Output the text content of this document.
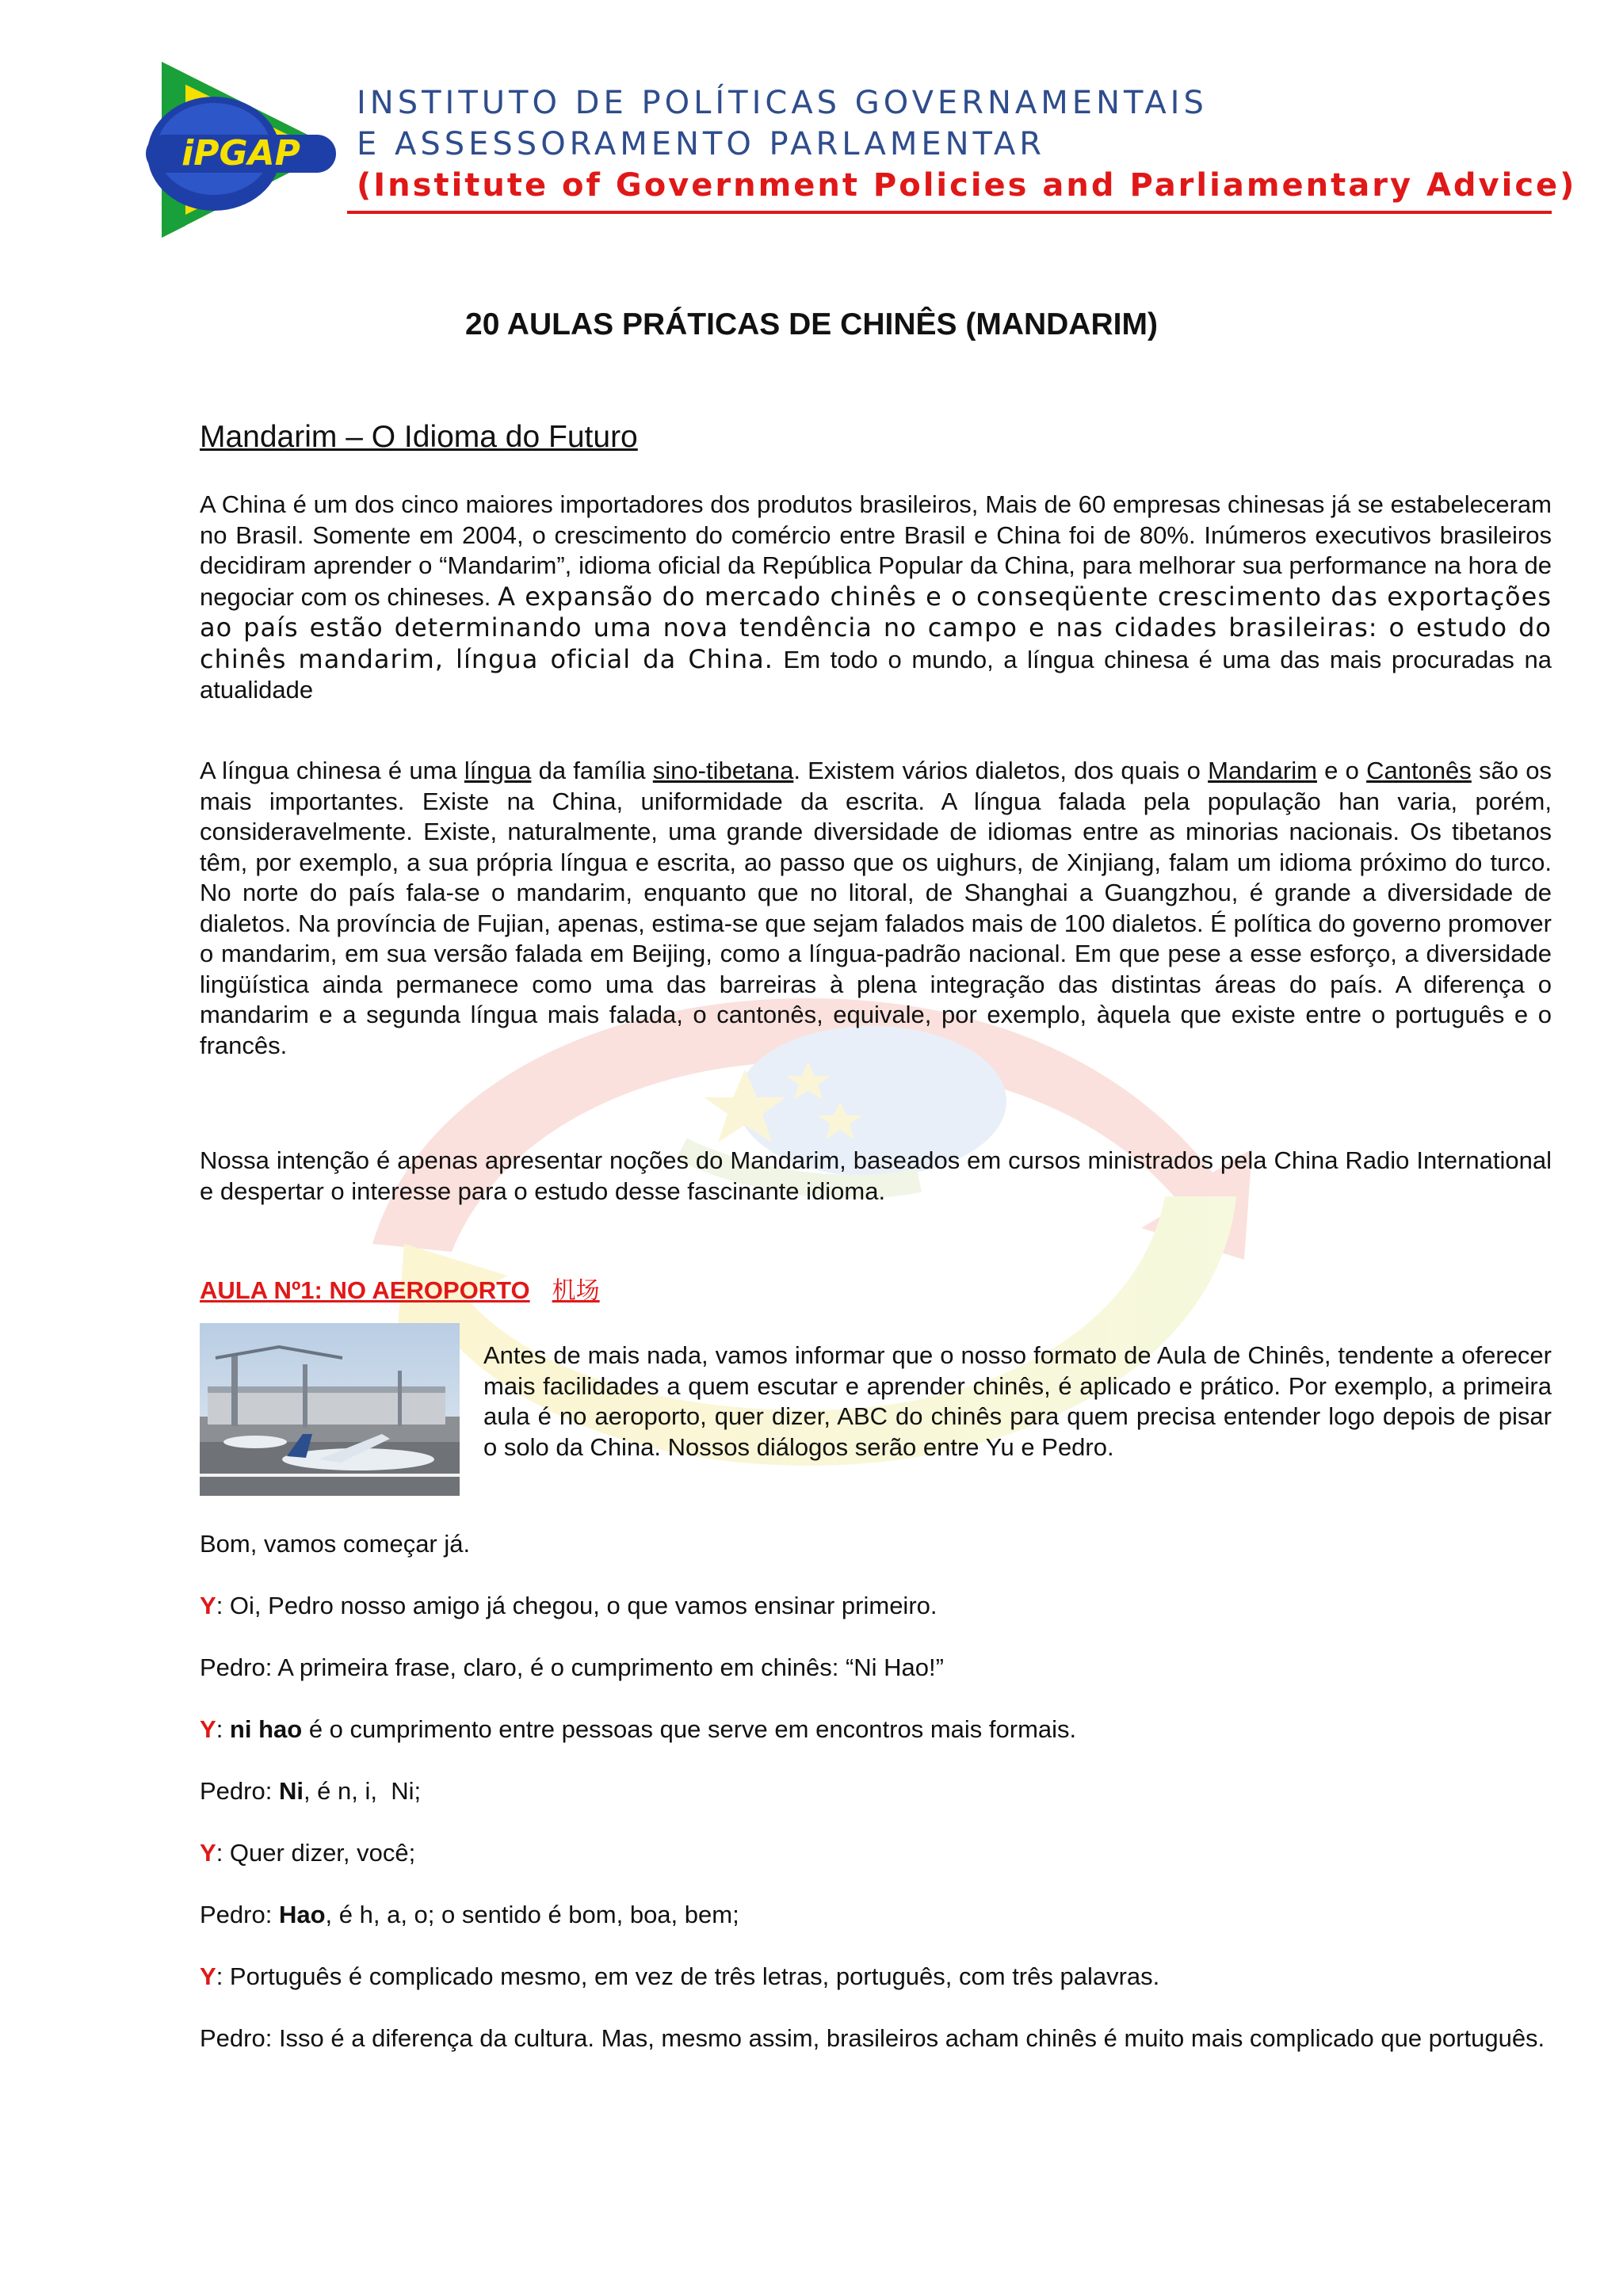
iPGAP
INSTITUTO DE POLÍTICAS GOVERNAMENTAIS
E ASSESSORAMENTO PARLAMENTAR
(Institute of Government Policies and Parliamentary Advice)
20 AULAS PRÁTICAS DE CHINÊS (MANDARIM)
Mandarim – O Idioma do Futuro
A China é um dos cinco maiores importadores dos produtos brasileiros, Mais de 60 empresas chinesas já se estabeleceram no Brasil. Somente em 2004, o crescimento do comércio entre Brasil e China foi de 80%. Inúmeros executivos brasileiros decidiram aprender o “Mandarim”, idioma oficial da República Popular da China, para melhorar sua performance na hora de negociar com os chineses. A expansão do mercado chinês e o conseqüente crescimento das exportações ao país estão determinando uma nova tendência no campo e nas cidades brasileiras: o estudo do chinês mandarim, língua oficial da China. Em todo o mundo, a língua chinesa é uma das mais procuradas na atualidade
A língua chinesa é uma língua da família sino-tibetana. Existem vários dialetos, dos quais o Mandarim e o Cantonês são os mais importantes. Existe na China, uniformidade da escrita. A língua falada pela população han varia, porém, consideravelmente. Existe, naturalmente, uma grande diversidade de idiomas entre as minorias nacionais. Os tibetanos têm, por exemplo, a sua própria língua e escrita, ao passo que os uighurs, de Xinjiang, falam um idioma próximo do turco. No norte do país fala-se o mandarim, enquanto que no litoral, de Shanghai a Guangzhou, é grande a diversidade de dialetos. Na província de Fujian, apenas, estima-se que sejam falados mais de 100 dialetos. É política do governo promover o mandarim, em sua versão falada em Beijing, como a língua-padrão nacional. Em que pese a esse esforço, a diversidade lingüística ainda permanece como uma das barreiras à plena integração das distintas áreas do país. A diferença o mandarim e a segunda língua mais falada, o cantonês, equivale, por exemplo, àquela que existe entre o português e o francês.
Nossa intenção é apenas apresentar noções do Mandarim, baseados em cursos ministrados pela China Radio International e despertar o interesse para o estudo desse fascinante idioma.
AULA Nº1: NO AEROPORTO 机场
Antes de mais nada, vamos informar que o nosso formato de Aula de Chinês, tendente a oferecer mais facilidades a quem escutar e aprender chinês, é aplicado e prático. Por exemplo, a primeira aula é no aeroporto, quer dizer, ABC do chinês para quem precisa entender logo depois de pisar o solo da China. Nossos diálogos serão entre Yu e Pedro.
Bom, vamos começar já.
Y: Oi, Pedro nosso amigo já chegou, o que vamos ensinar primeiro.
Pedro: A primeira frase, claro, é o cumprimento em chinês: “Ni Hao!”
Y: ni hao é o cumprimento entre pessoas que serve em encontros mais formais.
Pedro: Ni, é n, i,  Ni;
Y: Quer dizer, você;
Pedro: Hao, é h, a, o; o sentido é bom, boa, bem;
Y: Português é complicado mesmo, em vez de três letras, português, com três palavras.
Pedro: Isso é a diferença da cultura. Mas, mesmo assim, brasileiros acham chinês é muito mais complicado que português.
